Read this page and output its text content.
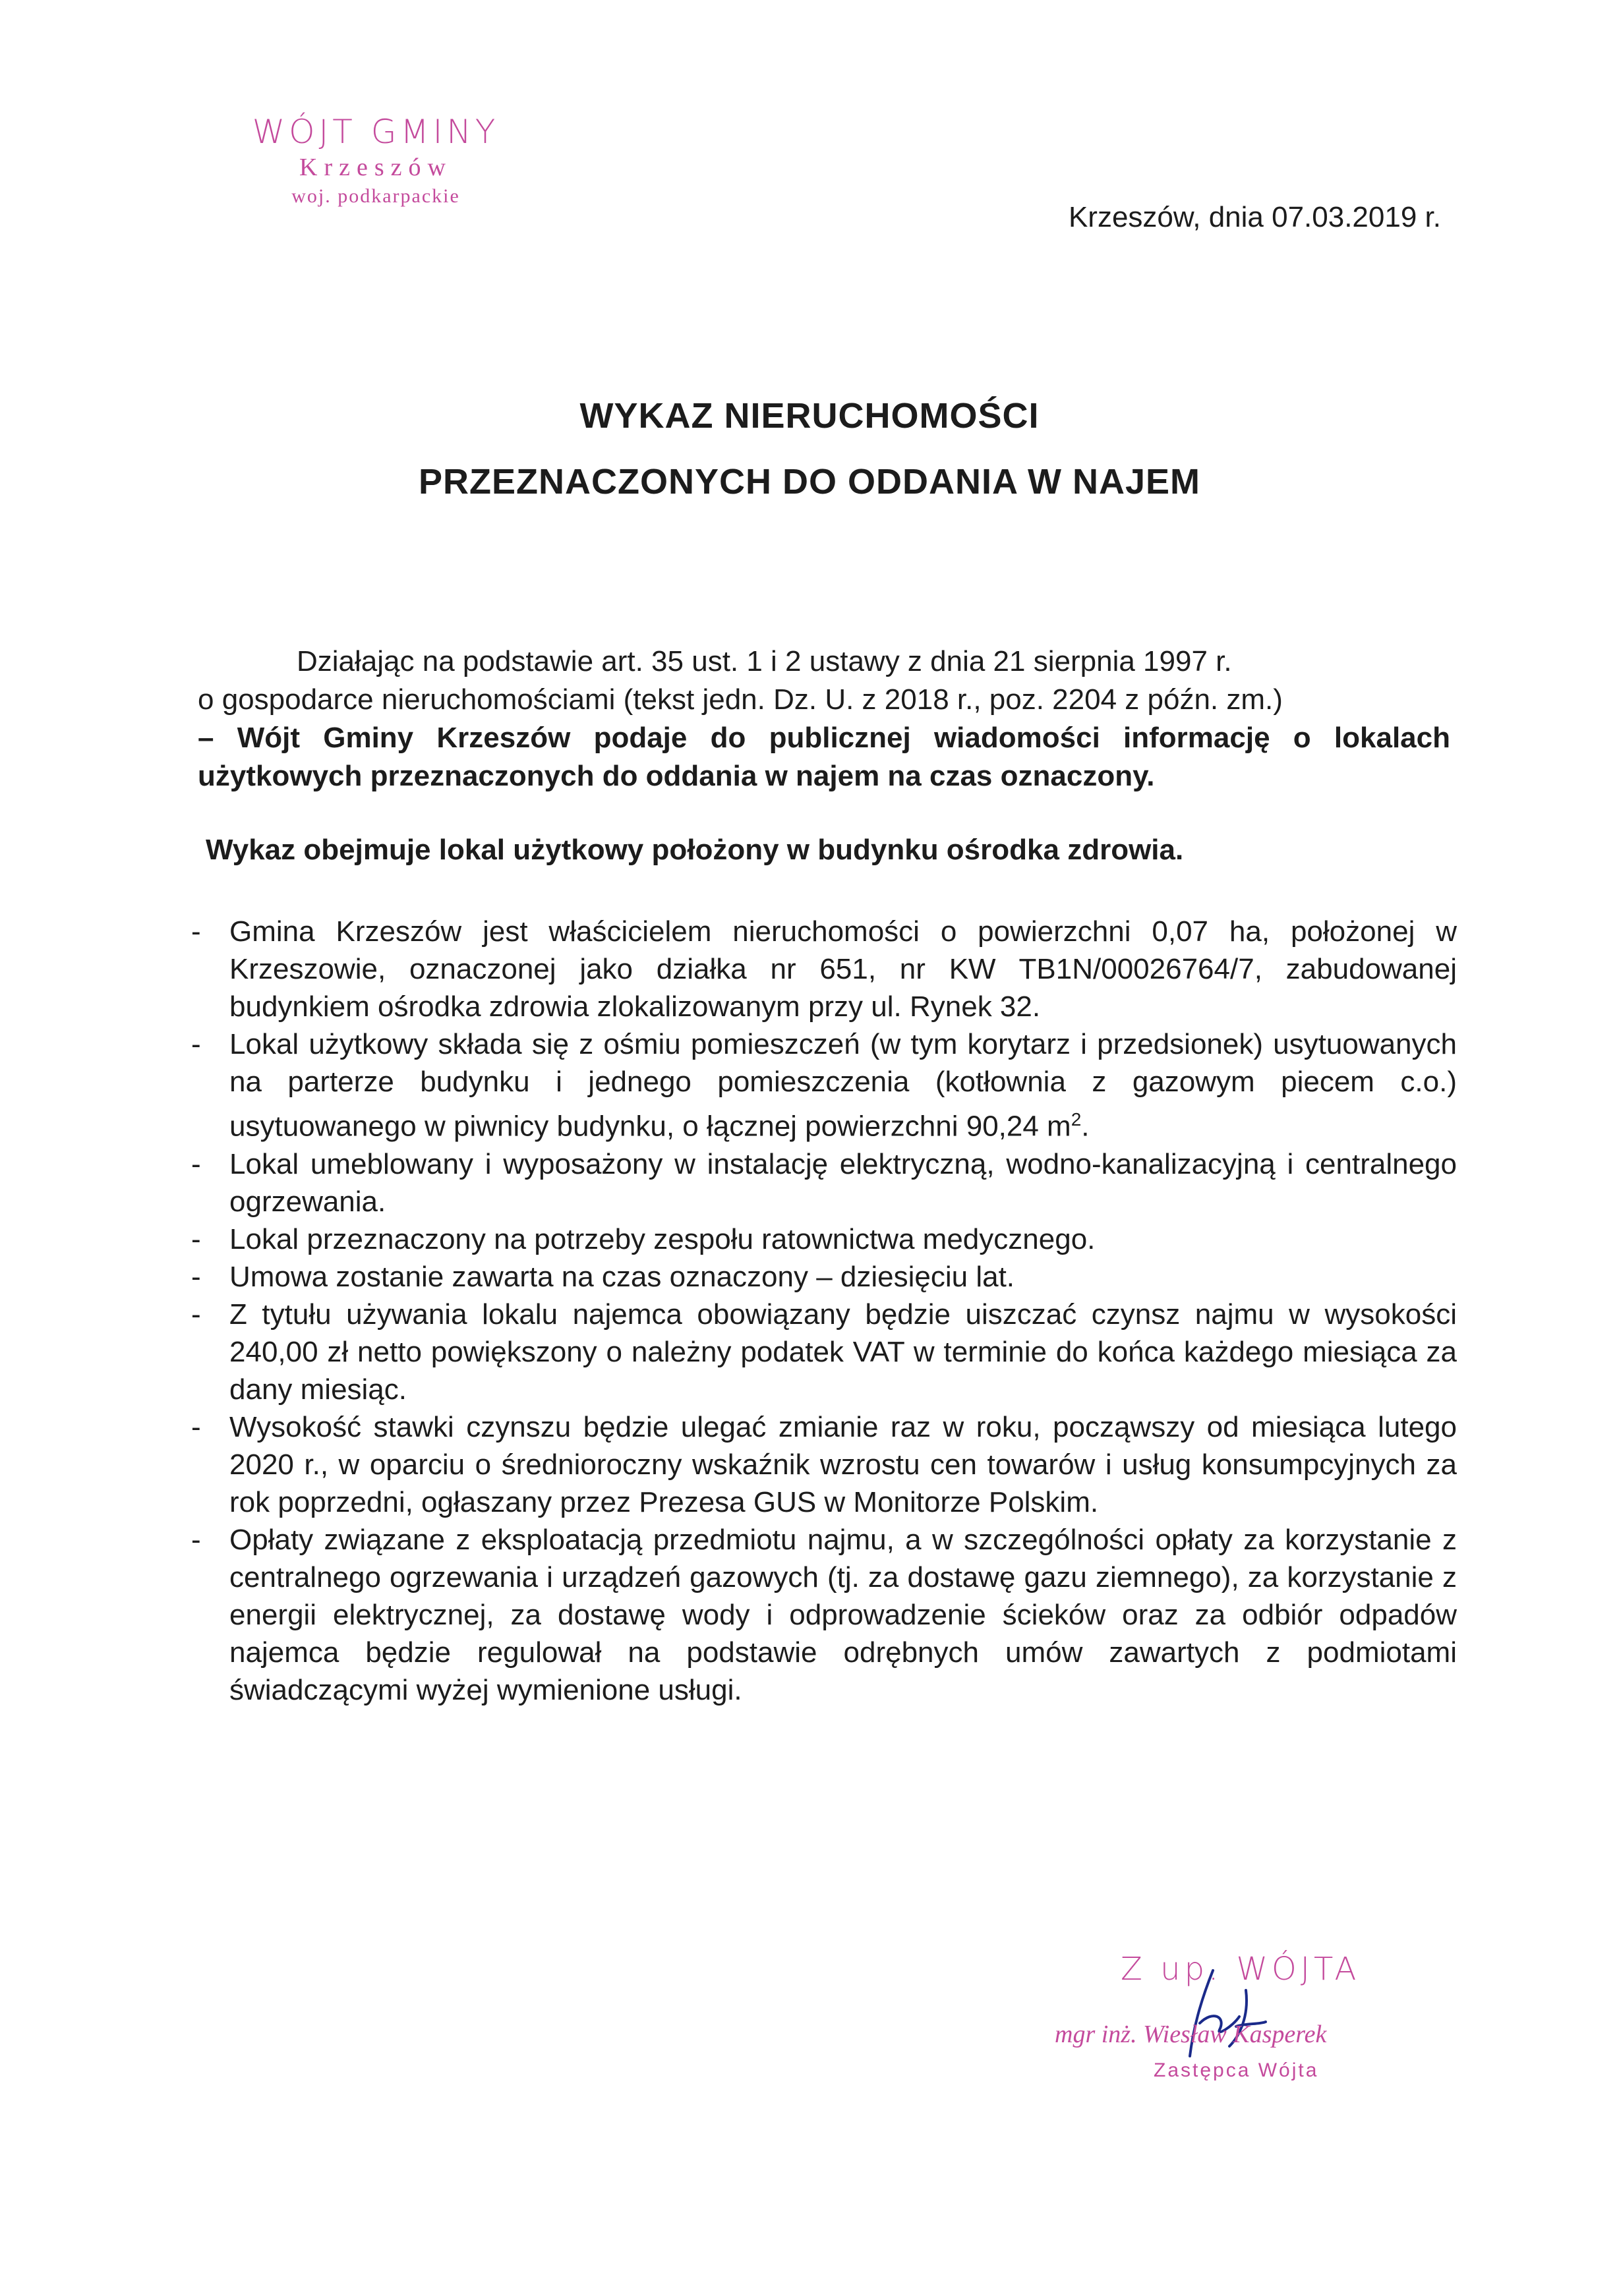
WÓJT GMINY
Krzeszów
woj. podkarpackie
Krzeszów, dnia 07.03.2019 r.
WYKAZ NIERUCHOMOŚCI
PRZEZNACZONYCH DO ODDANIA W NAJEM
Działając na podstawie art. 35 ust. 1 i 2 ustawy z dnia 21 sierpnia 1997 r.
o gospodarce nieruchomościami (tekst jedn. Dz. U. z 2018 r., poz. 2204 z późn. zm.)
– Wójt Gminy Krzeszów podaje do publicznej wiadomości informację o lokalach użytkowych przeznaczonych do oddania w najem na czas oznaczony.
Wykaz obejmuje lokal użytkowy położony w budynku ośrodka zdrowia.
- Gmina Krzeszów jest właścicielem nieruchomości o powierzchni 0,07 ha, położonej w Krzeszowie, oznaczonej jako działka nr 651, nr KW TB1N/00026764/7, zabudowanej budynkiem ośrodka zdrowia zlokalizowanym przy ul. Rynek 32.
- Lokal użytkowy składa się z ośmiu pomieszczeń (w tym korytarz i przedsionek) usytuowanych na parterze budynku i jednego pomieszczenia (kotłownia z gazowym piecem c.o.) usytuowanego w piwnicy budynku, o łącznej powierzchni 90,24 $m^2$.
- Lokal umeblowany i wyposażony w instalację elektryczną, wodno-kanalizacyjną i centralnego ogrzewania.
- Lokal przeznaczony na potrzeby zespołu ratownictwa medycznego.
- Umowa zostanie zawarta na czas oznaczony – dziesięciu lat.
- Z tytułu używania lokalu najemca obowiązany będzie uiszczać czynsz najmu w wysokości 240,00 zł netto powiększony o należny podatek VAT w terminie do końca każdego miesiąca za dany miesiąc.
- Wysokość stawki czynszu będzie ulegać zmianie raz w roku, począwszy od miesiąca lutego 2020 r., w oparciu o średnioroczny wskaźnik wzrostu cen towarów i usług konsumpcyjnych za rok poprzedni, ogłaszany przez Prezesa GUS w Monitorze Polskim.
- Opłaty związane z eksploatacją przedmiotu najmu, a w szczególności opłaty za korzystanie z centralnego ogrzewania i urządzeń gazowych (tj. za dostawę gazu ziemnego), za korzystanie z energii elektrycznej, za dostawę wody i odprowadzenie ścieków oraz za odbiór odpadów najemca będzie regulował na podstawie odrębnych umów zawartych z podmiotami świadczącymi wyżej wymienione usługi.
Z up. WÓJTA
mgr inż. Wiesław Kasperek
Zastępca Wójta
